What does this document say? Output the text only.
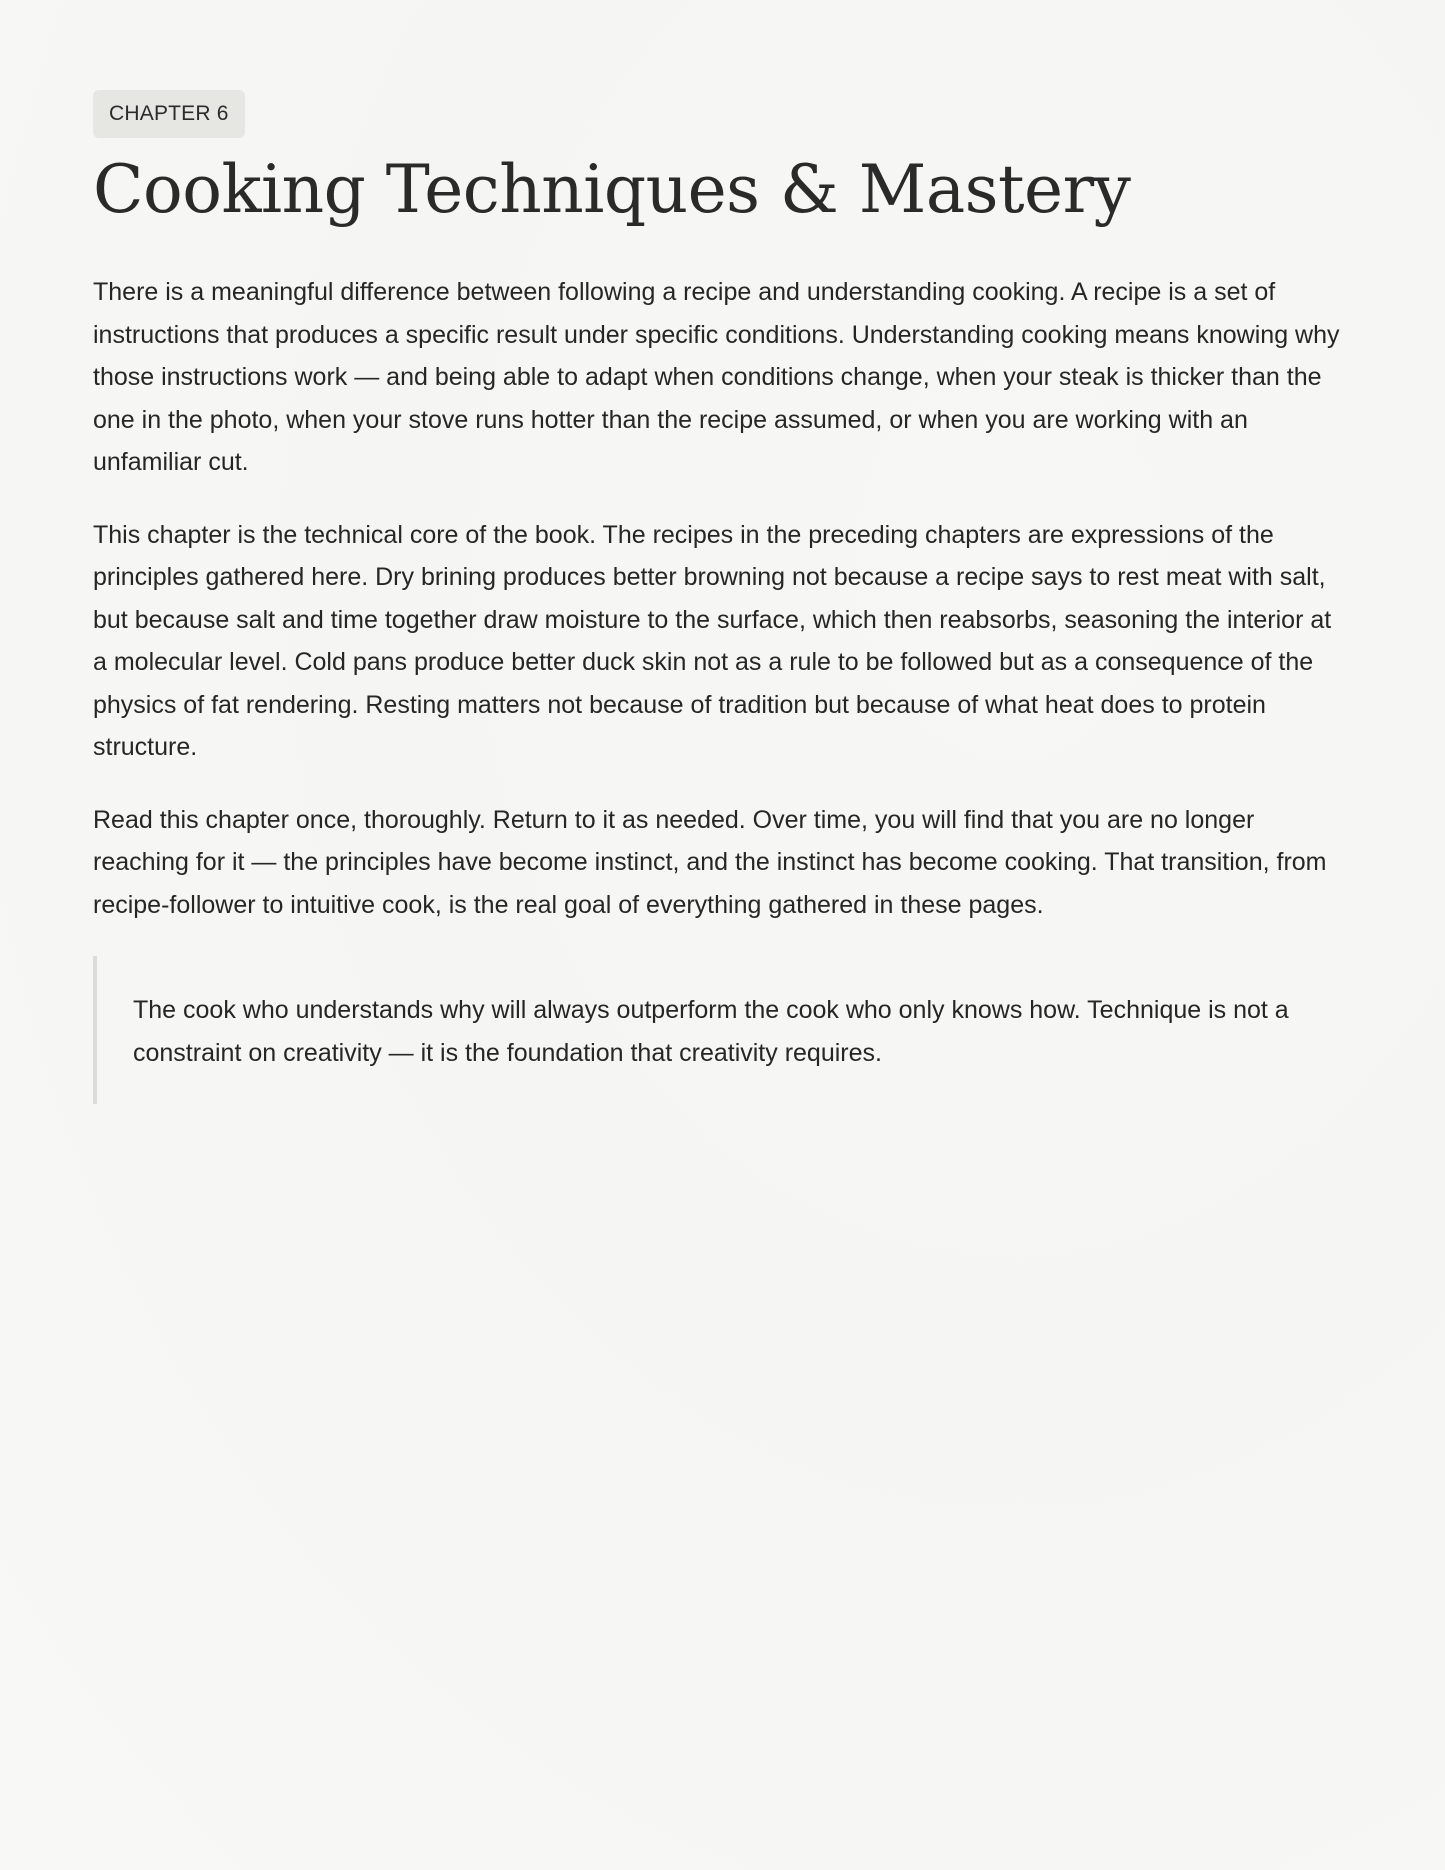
CHAPTER 6
Cooking Techniques & Mastery

There is a meaningful difference between following a recipe and understanding cooking. A recipe is a set of instructions that produces a specific result under specific conditions. Understanding cooking means knowing why those instructions work — and being able to adapt when conditions change, when your steak is thicker than the one in the photo, when your stove runs hotter than the recipe assumed, or when you are working with an unfamiliar cut.

This chapter is the technical core of the book. The recipes in the preceding chapters are expressions of the principles gathered here. Dry brining produces better browning not because a recipe says to rest meat with salt, but because salt and time together draw moisture to the surface, which then reabsorbs, seasoning the interior at a molecular level. Cold pans produce better duck skin not as a rule to be followed but as a consequence of the physics of fat rendering. Resting matters not because of tradition but because of what heat does to protein structure.

Read this chapter once, thoroughly. Return to it as needed. Over time, you will find that you are no longer reaching for it — the principles have become instinct, and the instinct has become cooking. That transition, from recipe-follower to intuitive cook, is the real goal of everything gathered in these pages.

The cook who understands why will always outperform the cook who only knows how. Technique is not a constraint on creativity — it is the foundation that creativity requires.
